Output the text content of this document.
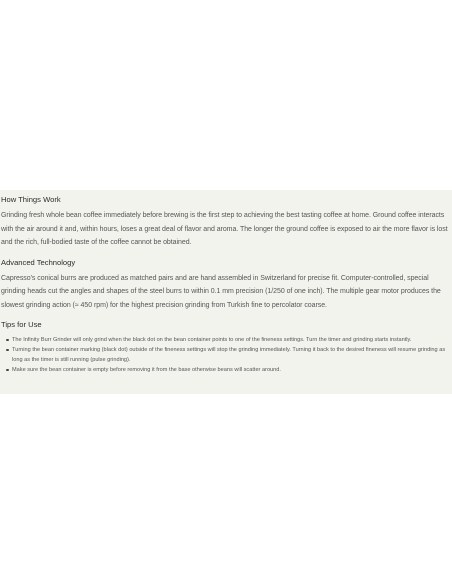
How Things Work

Grinding fresh whole bean coffee immediately before brewing is the first step to achieving the best tasting coffee at home. Ground coffee interacts with the air around it and, within hours, loses a great deal of flavor and aroma. The longer the ground coffee is exposed to air the more flavor is lost and the rich, full-bodied taste of the coffee cannot be obtained.

Advanced Technology

Capresso’s conical burrs are produced as matched pairs and are hand assembled in Switzerland for precise fit. Computer-controlled, special grinding heads cut the angles and shapes of the steel burrs to within 0.1 mm precision (1/250 of one inch). The multiple gear motor produces the slowest grinding action (≈ 450 rpm) for the highest precision grinding from Turkish fine to percolator coarse.

Tips for Use
The Infinity Burr Grinder will only grind when the black dot on the bean container points to one of the fineness settings. Turn the timer and grinding starts instantly.
Turning the bean container marking (black dot) outside of the fineness settings will stop the grinding immediately. Turning it back to the desired fineness will resume grinding as long as the timer is still running (pulse grinding).
Make sure the bean container is empty before removing it from the base otherwise beans will scatter around.
